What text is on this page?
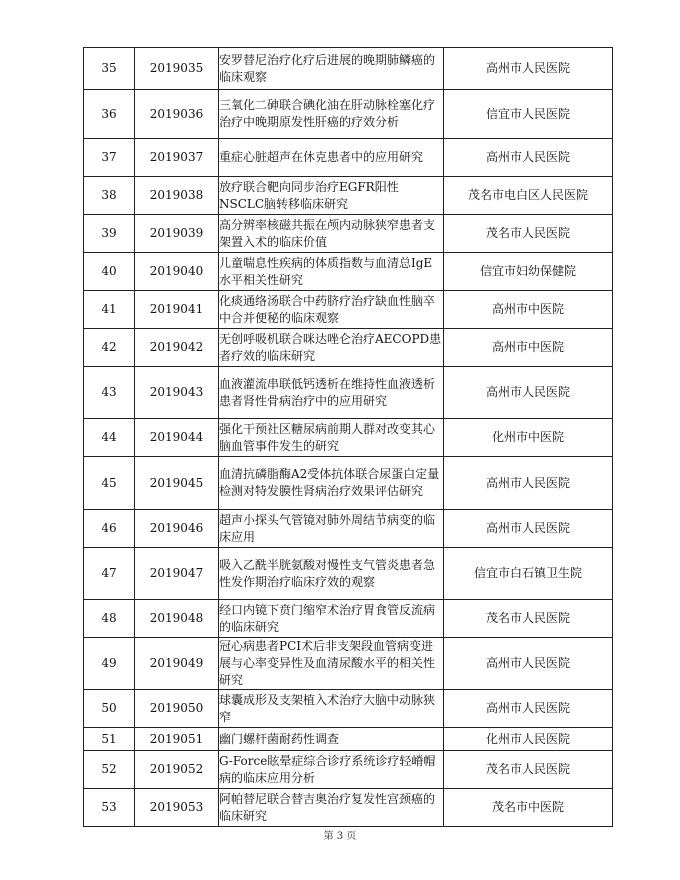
35	2019035	安罗替尼治疗化疗后进展的晚期肺鳞癌的临床观察	高州市人民医院
36	2019036	三氧化二砷联合碘化油在肝动脉栓塞化疗治疗中晚期原发性肝癌的疗效分析	信宜市人民医院
37	2019037	重症心脏超声在休克患者中的应用研究	高州市人民医院
38	2019038	放疗联合靶向同步治疗EGFR阳性NSCLC脑转移临床研究	茂名市电白区人民医院
39	2019039	高分辨率核磁共振在颅内动脉狭窄患者支架置入术的临床价值	茂名市人民医院
40	2019040	儿童喘息性疾病的体质指数与血清总IgE水平相关性研究	信宜市妇幼保健院
41	2019041	化痰通络汤联合中药脐疗治疗缺血性脑卒中合并便秘的临床观察	高州市中医院
42	2019042	无创呼吸机联合咪达唑仑治疗AECOPD患者疗效的临床研究	高州市中医院
43	2019043	血液灌流串联低钙透析在维持性血液透析患者肾性骨病治疗中的应用研究	高州市人民医院
44	2019044	强化干预社区糖尿病前期人群对改变其心脑血管事件发生的研究	化州市中医院
45	2019045	血清抗磷脂酶A2受体抗体联合尿蛋白定量检测对特发膜性肾病治疗效果评估研究	高州市人民医院
46	2019046	超声小探头气管镜对肺外周结节病变的临床应用	高州市人民医院
47	2019047	吸入乙酰半胱氨酸对慢性支气管炎患者急性发作期治疗临床疗效的观察	信宜市白石镇卫生院
48	2019048	经口内镜下贲门缩窄术治疗胃食管反流病的临床研究	茂名市人民医院
49	2019049	冠心病患者PCI术后非支架段血管病变进展与心率变异性及血清尿酸水平的相关性研究	高州市人民医院
50	2019050	球囊成形及支架植入术治疗大脑中动脉狭窄	高州市人民医院
51	2019051	幽门螺杆菌耐药性调查	化州市人民医院
52	2019052	G-Force眩晕症综合诊疗系统诊疗轻嵴帽病的临床应用分析	茂名市人民医院
53	2019053	阿帕替尼联合替吉奥治疗复发性宫颈癌的临床研究	茂名市中医院
第 3 页
